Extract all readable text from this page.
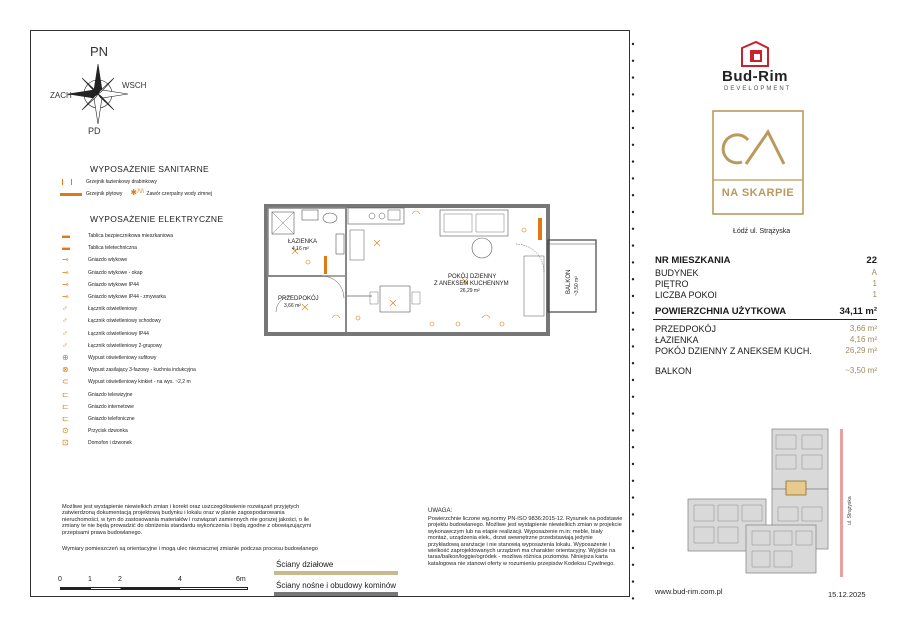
PN
PD
ZACH
WSCH
WYPOSAŻENIE SANITARNE
Grzejnik łazienkowy drabinkowy
Grzejnik płytowy ✱ /\/\ Zawór czerpalny wody zimnej
WYPOSAŻENIE ELEKTRYCZNE
▬	Tablica bezpiecznikowa mieszkaniowa
▬	Tablica teletechniczna
⊸	Gniazdo wtykowe
⊸	Gniazdo wtykowe - okap
⊸	Gniazdo wtykowe IP44
⊸	Gniazdo wtykowe IP44 - zmywarka
♂	Łącznik oświetleniowy
♂	Łącznik oświetleniowy schodowy
♂	Łącznik oświetleniowy IP44
♂	Łącznik oświetleniowy 2-grupowy
⊕	Wypust oświetleniowy sufitowy
⊗	Wypust zasilający 3-fazowy - kuchnia indukcyjna
⊂	Wypust oświetleniowy kinkiet - na wys. ~2,2 m
⊏	Gniazdo telewizyjne
⊏	Gniazdo internetowe
⊏	Gniazdo telefoniczne
⊙	Przycisk dzwonka
⊡	Domofon i dzwonek
ŁAZIENKA
4,16 m²
PRZEDPOKÓJ
3,66 m²
POKÓJ DZIENNY
Z ANEKSEM KUCHENNYM
26,29 m²	BALKON ~3,50 m²
Możliwe jest wystąpienie niewielkich zmian i korekt oraz uszczegółowienie rozwiązań przyjętych zatwierdzoną dokumentacją projektową budynku i lokalu oraz w planie zagospodarowania nieruchomości, w tym do zastosowania materiałów i rozwiązań zamiennych nie gorszej jakości, o ile zmiany te nie będą prowadzić do obniżenia standardu wykończenia i będą zgodne z obowiązującymi przepisami prawa budowlanego.
Wymiary pomieszczeń są orientacyjne i mogą ulec nieznacznej zmianie podczas procesu budowlanego
0	1	2	4	6m
Ściany działowe
Ściany nośne i obudowy kominów
UWAGA:
Powierzchnie liczone wg.normy PN-ISO 9836:2015-12. Rysunek na podstawie projektu budowlanego. Możliwe jest wystąpienie niewielkich zmian w projekcie wykonawczym lub na etapie realizacji. Wyposażenie m.in: meble, biały montaż, urządzenia elek., drzwi wewnętrzne przedstawiają jedynie przykładową aranżacje i nie stanowią wyposażenia lokalu. Wyposażenie i wielkość zaprojektowanych urządzeń ma charakter orientacyjny. Wyjście na taras/balkon/loggie/ogródek - możliwa różnica poziomów. Niniejsza karta katalogowa nie stanowi oferty w rozumieniu przepisów Kodeksu Cywilnego.
Bud-Rim
DEVELOPMENT
NA SKARPIE
Łódź ul. Strążyska
NR MIESZKANIA	22
BUDYNEK	A
PIĘTRO	1
LICZBA POKOI	1
POWIERZCHNIA UŻYTKOWA	34,11 m²
PRZEDPOKÓJ	3,66 m²
ŁAZIENKA	4,16 m²
POKÓJ DZIENNY Z ANEKSEM KUCH.	26,29 m²
BALKON	~3,50 m²
ul. Strążyska
www.bud-rim.com.pl	15.12.2025
